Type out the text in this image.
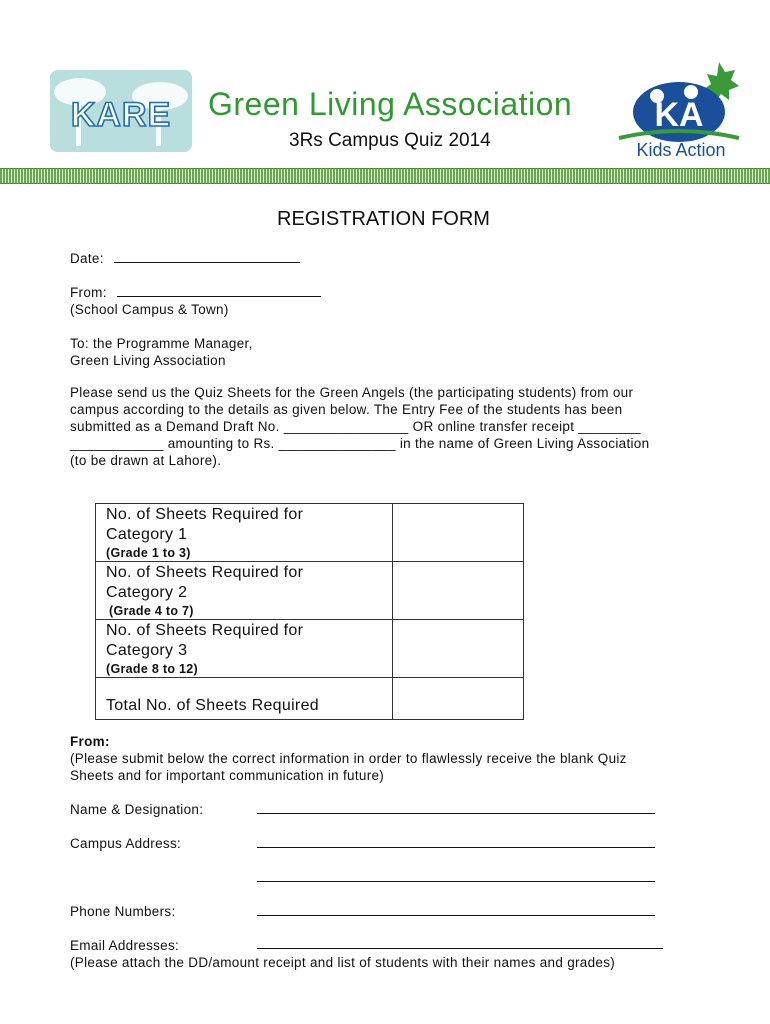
KARE Green Living Association
3Rs Campus Quiz 2014
KA
Kids Action
REGISTRATION FORM
Date:
From:
(School Campus & Town)
To: the Programme Manager,
Green Living Association
Please send us the Quiz Sheets for the Green Angels (the participating students) from our
campus according to the details as given below. The Entry Fee of the students has been
submitted as a Demand Draft No. ________________ OR online transfer receipt ________
____________ amounting to Rs. _______________ in the name of Green Living Association
(to be drawn at Lahore).
No. of Sheets Required for
Category 1
(Grade 1 to 3)	

No. of Sheets Required for
Category 2
(Grade 4 to 7)	

No. of Sheets Required for
Category 3
(Grade 8 to 12)	

Total No. of Sheets Required	

From:
(Please submit below the correct information in order to flawlessly receive the blank Quiz
Sheets and for important communication in future)
Name & Designation:
Campus Address:
Phone Numbers:
Email Addresses:
(Please attach the DD/amount receipt and list of students with their names and grades)
